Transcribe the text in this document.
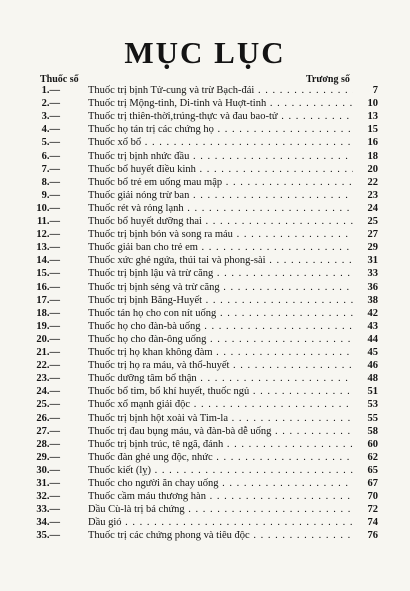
MỤC LỤC
Thuốc số	Trương số
1.—	Thuốc trị bịnh Tử-cung và trừ Bạch-đái . . .	7
2.—	Thuốc trị Mộng-tinh, Di-tinh và Huợt-tinh . . .	10
3.—	Thuốc trị thiên-thời,trúng-thực và đau bao-tử . . .	13
4.—	Thuốc họ tán trị các chứng họ . . .	15
5.—	Thuốc xổ bổ . . .	16
6.—	Thuốc trị bịnh nhức đầu . . .	18
7.—	Thuốc bổ huyết điều kinh . . .	20
8.—	Thuốc bổ trẻ em uống mau mập . . .	22
9.—	Thuốc giải nóng trừ ban . . .	23
10.—	Thuốc rét và rỏng lạnh . . .	24
11.—	Thuốc bổ huyết dưỡng thai . . .	25
12.—	Thuốc trị bịnh bón và song ra máu . . .	27
13.—	Thuốc giải ban cho trẻ em . . .	29
14.—	Thuốc xức ghẻ ngứa, thúi tai và phong-sài . . .	31
15.—	Thuốc trị bịnh lậu và trừ căng . . .	33
16.—	Thuốc trị bịnh sẻng và trừ căng . . .	36
17.—	Thuốc trị bịnh Băng-Huyết . . .	38
18.—	Thuốc tán họ cho con nít uống . . .	42
19.—	Thuốc họ cho đàn-bà uống . . .	43
20.—	Thuốc họ cho đàn-ông uống . . .	44
21.—	Thuốc trị họ khan không đàm . . .	45
22.—	Thuốc trị họ ra máu, và thổ-huyết . . .	46
23.—	Thuốc dưỡng tâm bổ thận . . .	48
24.—	Thuốc bổ tim, bổ khí huyết, thuốc ngủ . . .	51
25.—	Thuốc xổ mạnh giải độc . . .	53
26.—	Thuốc trị bịnh hột xoài và Tim-la . . .	55
27.—	Thuốc trị đau bụng máu, và đàn-bà dễ uống . . .	58
28.—	Thuốc trị bịnh trúc, tê ngã, đánh . . .	60
29.—	Thuốc đàn ghẻ ung độc, nhức . . .	62
30.—	Thuốc kiết (lỵ) . . .	65
31.—	Thuốc cho người ăn chay uống . . .	67
32.—	Thuốc cầm máu thương hàn . . .	70
33.—	Dầu Cù-là trị bá chứng . . .	72
34.—	Dầu gió . . .	74
35.—	Thuốc trị các chứng phong và tiêu độc . . .	76
